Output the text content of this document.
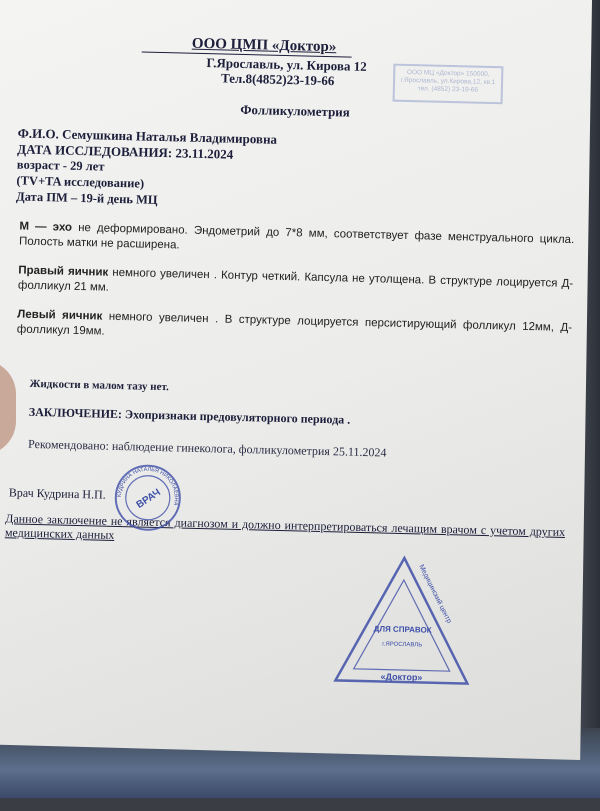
ООО ЦМП «Доктор»
Г.Ярославль, ул. Кирова 12
Тел.8(4852)23-19-66	ООО МЦ «Доктор» 150000, г.Ярославль, ул.Кирова,12, кв.1 тел. (4852) 23-19-66
Фолликулометрия
Ф.И.О. Семушкина Наталья Владимировна
ДАТА ИССЛЕДОВАНИЯ: 23.11.2024
возраст - 29 лет
(TV+TA исследование)
Дата ПМ – 19-й день МЦ
М — эхо не деформировано. Эндометрий до 7*8 мм, соответствует фазе менструального цикла. Полость матки не расширена.
Правый яичник немного увеличен . Контур четкий. Капсула не утолщена. В структуре лоцируется Д-фолликул 21 мм.
Левый яичник немного увеличен . В структуре лоцируется персистирующий фолликул 12мм, Д-фолликул 19мм.
Жидкости в малом тазу нет.
ЗАКЛЮЧЕНИЕ: Эхопризнаки предовуляторного периода .
Рекомендовано: наблюдение гинеколога, фолликулометрия 25.11.2024
Врач Кудрина Н.П.
Данное заключение не является диагнозом и должно интерпретироваться лечащим врачом с учетом других медицинских данных
ВРАЧ
КУДРИНА НАТАЛЬЯ НИКОЛАЕВНА
ДЛЯ СПРАВОК
г.ЯРОСЛАВЛЬ
«Доктор»
Медицинский центр
